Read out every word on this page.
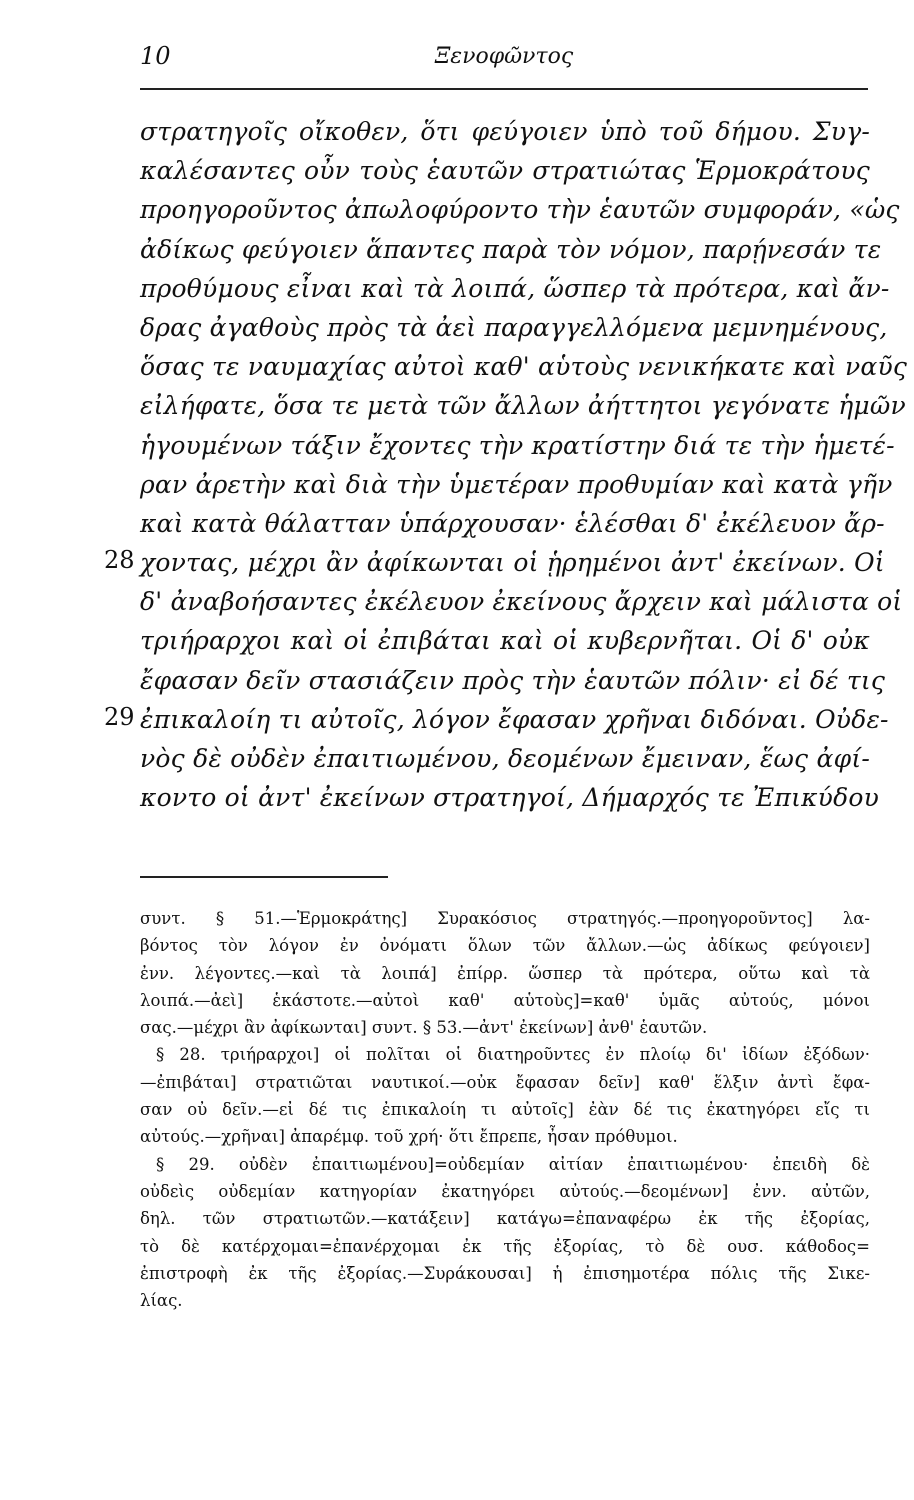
10	Ξενοφῶντος
στρατηγοῖς οἴκοθεν, ὅτι φεύγοιεν ὑπὸ τοῦ δήμου. Συγ-
καλέσαντες οὖν τοὺς ἑαυτῶν στρατιώτας Ἑρμοκράτους
προηγοροῦντος ἀπωλοφύροντο τὴν ἑαυτῶν συμφοράν, «ὡς
ἀδίκως φεύγοιεν ἅπαντες παρὰ τὸν νόμον, παρῄνεσάν τε
προθύμους εἶναι καὶ τὰ λοιπά, ὥσπερ τὰ πρότερα, καὶ ἄν-
δρας ἀγαθοὺς πρὸς τὰ ἀεὶ παραγγελλόμενα μεμνημένους,
ὅσας τε ναυμαχίας αὐτοὶ καθ' αὑτοὺς νενικήκατε καὶ ναῦς
εἰλήφατε, ὅσα τε μετὰ τῶν ἄλλων ἀήττητοι γεγόνατε ἡμῶν
ἡγουμένων τάξιν ἔχοντες τὴν κρατίστην διά τε τὴν ἡμετέ-
ραν ἀρετὴν καὶ διὰ τὴν ὑμετέραν προθυμίαν καὶ κατὰ γῆν
καὶ κατὰ θάλατταν ὑπάρχουσαν· ἑλέσθαι δ' ἐκέλευον ἄρ-
χοντας, μέχρι ἂν ἀφίκωνται οἱ ᾑρημένοι ἀντ' ἐκείνων. Οἱ
δ' ἀναβοήσαντες ἐκέλευον ἐκείνους ἄρχειν καὶ μάλιστα οἱ
τριήραρχοι καὶ οἱ ἐπιβάται καὶ οἱ κυβερνῆται. Οἱ δ' οὐκ
ἔφασαν δεῖν στασιάζειν πρὸς τὴν ἑαυτῶν πόλιν· εἰ δέ τις
ἐπικαλοίη τι αὐτοῖς, λόγον ἔφασαν χρῆναι διδόναι. Οὐδε-
νὸς δὲ οὐδὲν ἐπαιτιωμένου, δεομένων ἔμειναν, ἕως ἀφί-
κοντο οἱ ἀντ' ἐκείνων στρατηγοί, Δήμαρχός τε Ἐπικύδου
28
29
συντ. § 51.—Ἑρμοκράτης] Συρακόσιος στρατηγός.—προηγοροῦντος] λα-
βόντος τὸν λόγον ἐν ὀνόματι ὅλων τῶν ἄλλων.—ὡς ἀδίκως φεύγοιεν]
ἐνν. λέγοντες.—καὶ τὰ λοιπά] ἐπίρρ. ὥσπερ τὰ πρότερα, οὕτω καὶ τὰ
λοιπά.—ἀεὶ] ἑκάστοτε.—αὐτοὶ καθ' αὑτοὺς]=καθ' ὑμᾶς αὐτούς, μόνοι
σας.—μέχρι ἂν ἀφίκωνται] συντ. § 53.—ἀντ' ἐκείνων] ἀνθ' ἑαυτῶν.
§ 28. τριήραρχοι] οἱ πολῖται οἱ διατηροῦντες ἐν πλοίῳ δι' ἰδίων ἐξόδων·
—ἐπιβάται] στρατιῶται ναυτικοί.—οὐκ ἔφασαν δεῖν] καθ' ἕλξιν ἀντὶ ἔφα-
σαν οὐ δεῖν.—εἰ δέ τις ἐπικαλοίη τι αὐτοῖς] ἐὰν δέ τις ἐκατηγόρει εἴς τι
αὐτούς.—χρῆναι] ἀπαρέμφ. τοῦ χρή· ὅτι ἔπρεπε, ἦσαν πρόθυμοι.
§ 29. οὐδὲν ἐπαιτιωμένου]=οὐδεμίαν αἰτίαν ἐπαιτιωμένου· ἐπειδὴ δὲ
οὐδεὶς οὐδεμίαν κατηγορίαν ἐκατηγόρει αὐτούς.—δεομένων] ἐνν. αὐτῶν,
δηλ. τῶν στρατιωτῶν.—κατάξειν] κατάγω=ἐπαναφέρω ἐκ τῆς ἐξορίας,
τὸ δὲ κατέρχομαι=ἐπανέρχομαι ἐκ τῆς ἐξορίας, τὸ δὲ ουσ. κάθοδος=
ἐπιστροφὴ ἐκ τῆς ἐξορίας.—Συράκουσαι] ἡ ἐπισημοτέρα πόλις τῆς Σικε-
λίας.
